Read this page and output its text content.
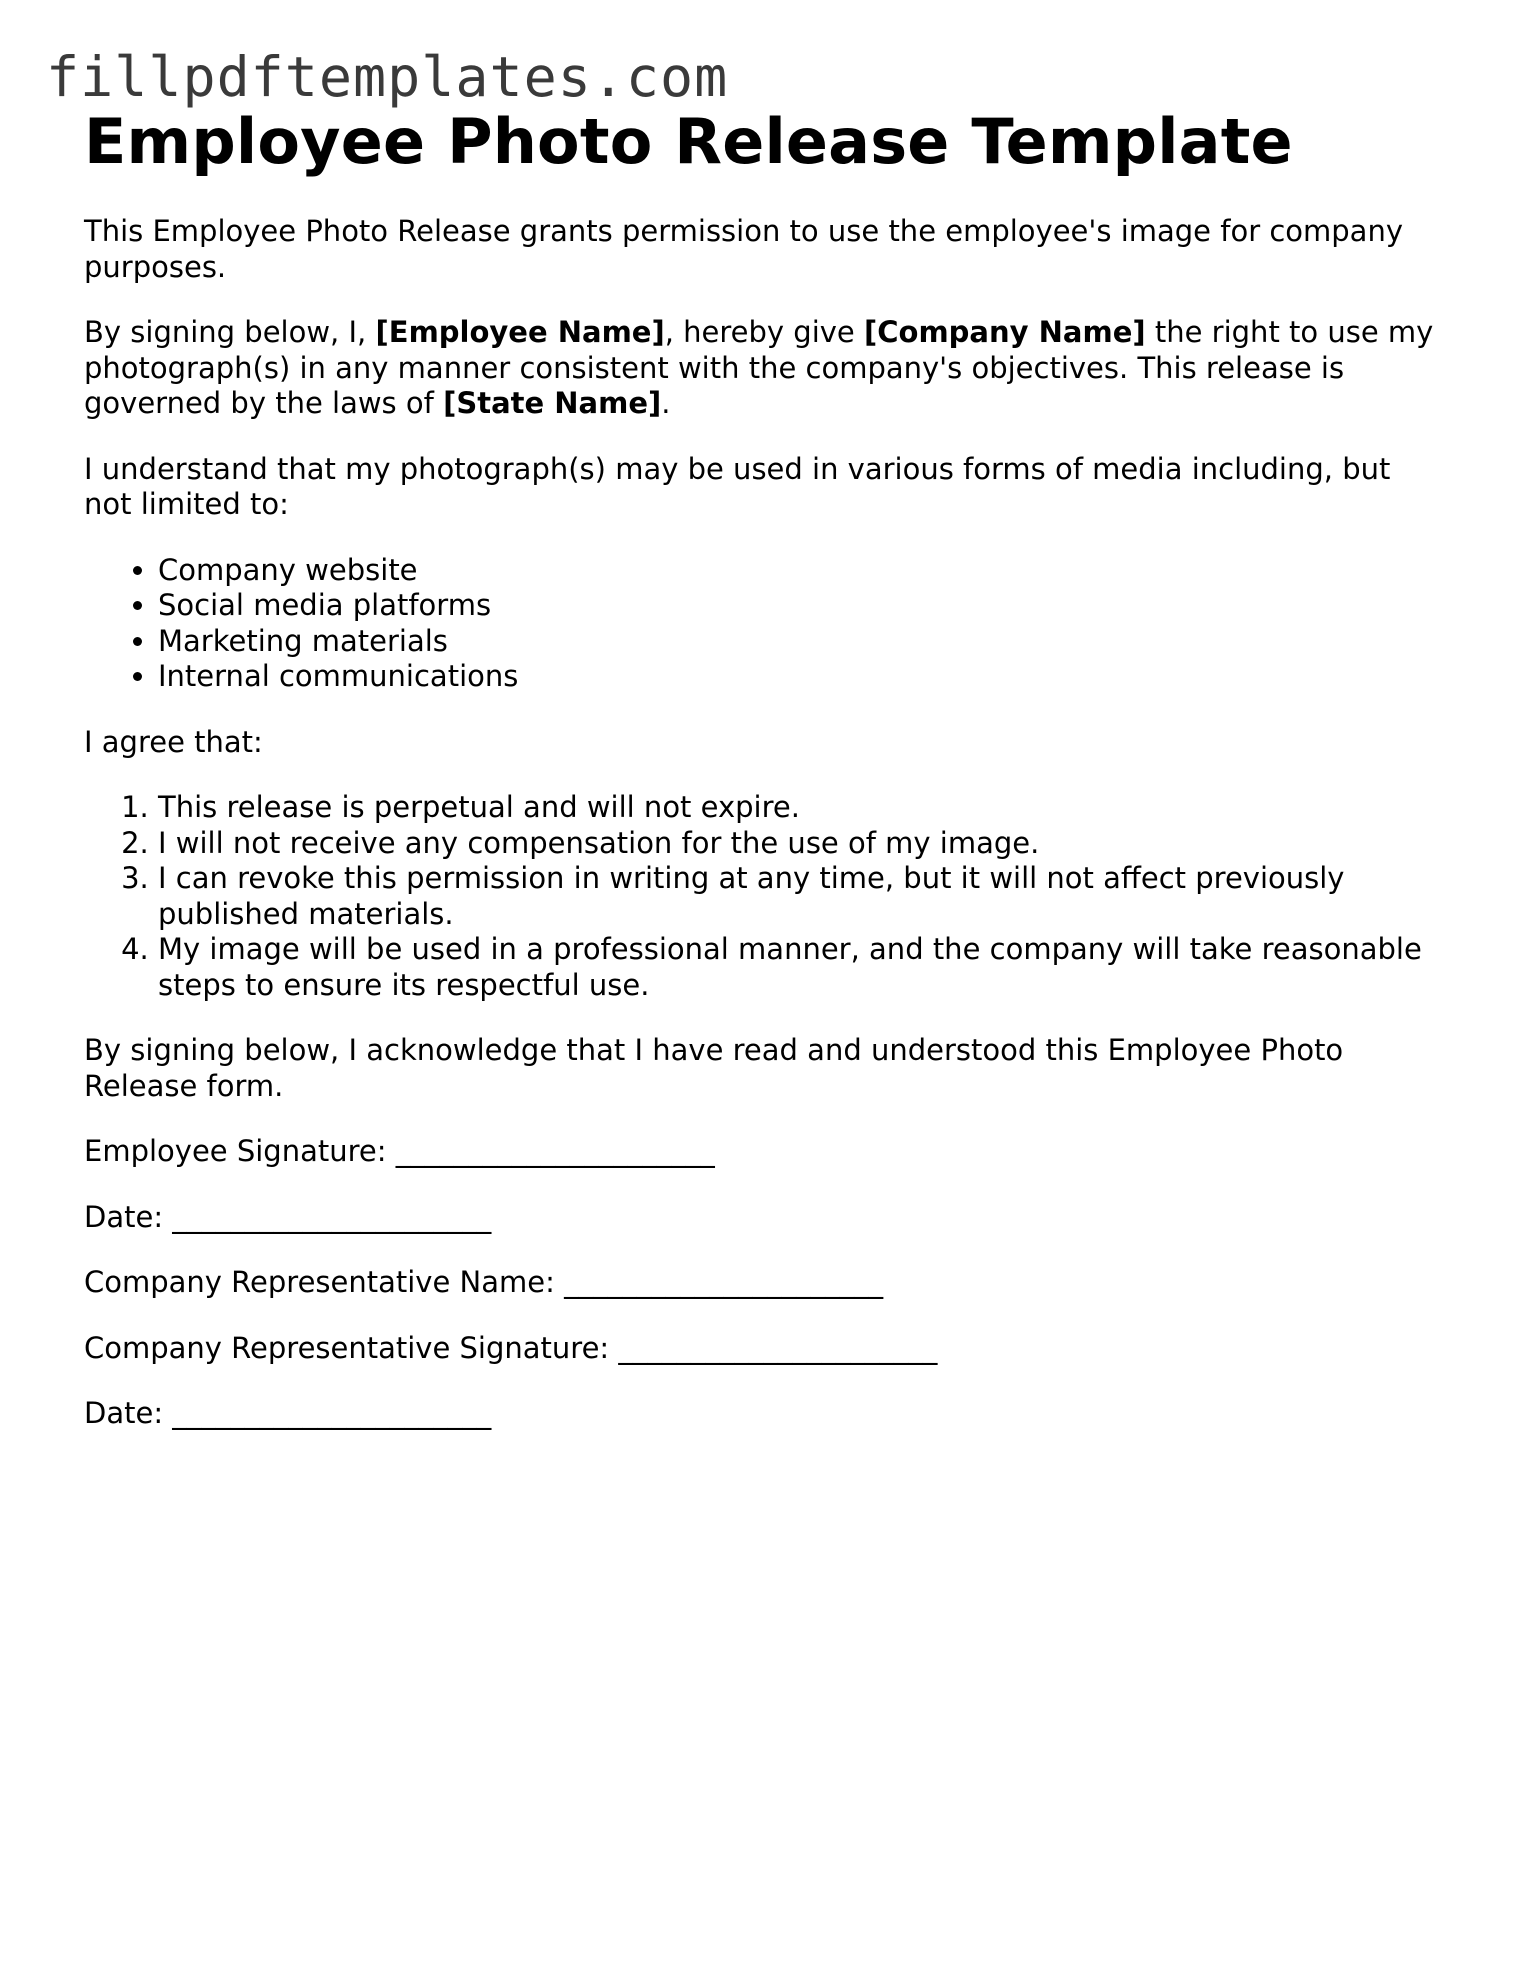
fillpdftemplates.com
Employee Photo Release Template

This Employee Photo Release grants permission to use the employee's image for company purposes.

By signing below, I, [Employee Name], hereby give [Company Name] the right to use my photograph(s) in any manner consistent with the company's objectives. This release is governed by the laws of [State Name].

I understand that my photograph(s) may be used in various forms of media including, but not limited to:

• Company website
• Social media platforms
• Marketing materials
• Internal communications

I agree that:

1. This release is perpetual and will not expire.
2. I will not receive any compensation for the use of my image.
3. I can revoke this permission in writing at any time, but it will not affect previously published materials.
4. My image will be used in a professional manner, and the company will take reasonable steps to ensure its respectful use.

By signing below, I acknowledge that I have read and understood this Employee Photo Release form.

Employee Signature: ______________________

Date: ______________________

Company Representative Name: ______________________

Company Representative Signature: ______________________

Date: ______________________
